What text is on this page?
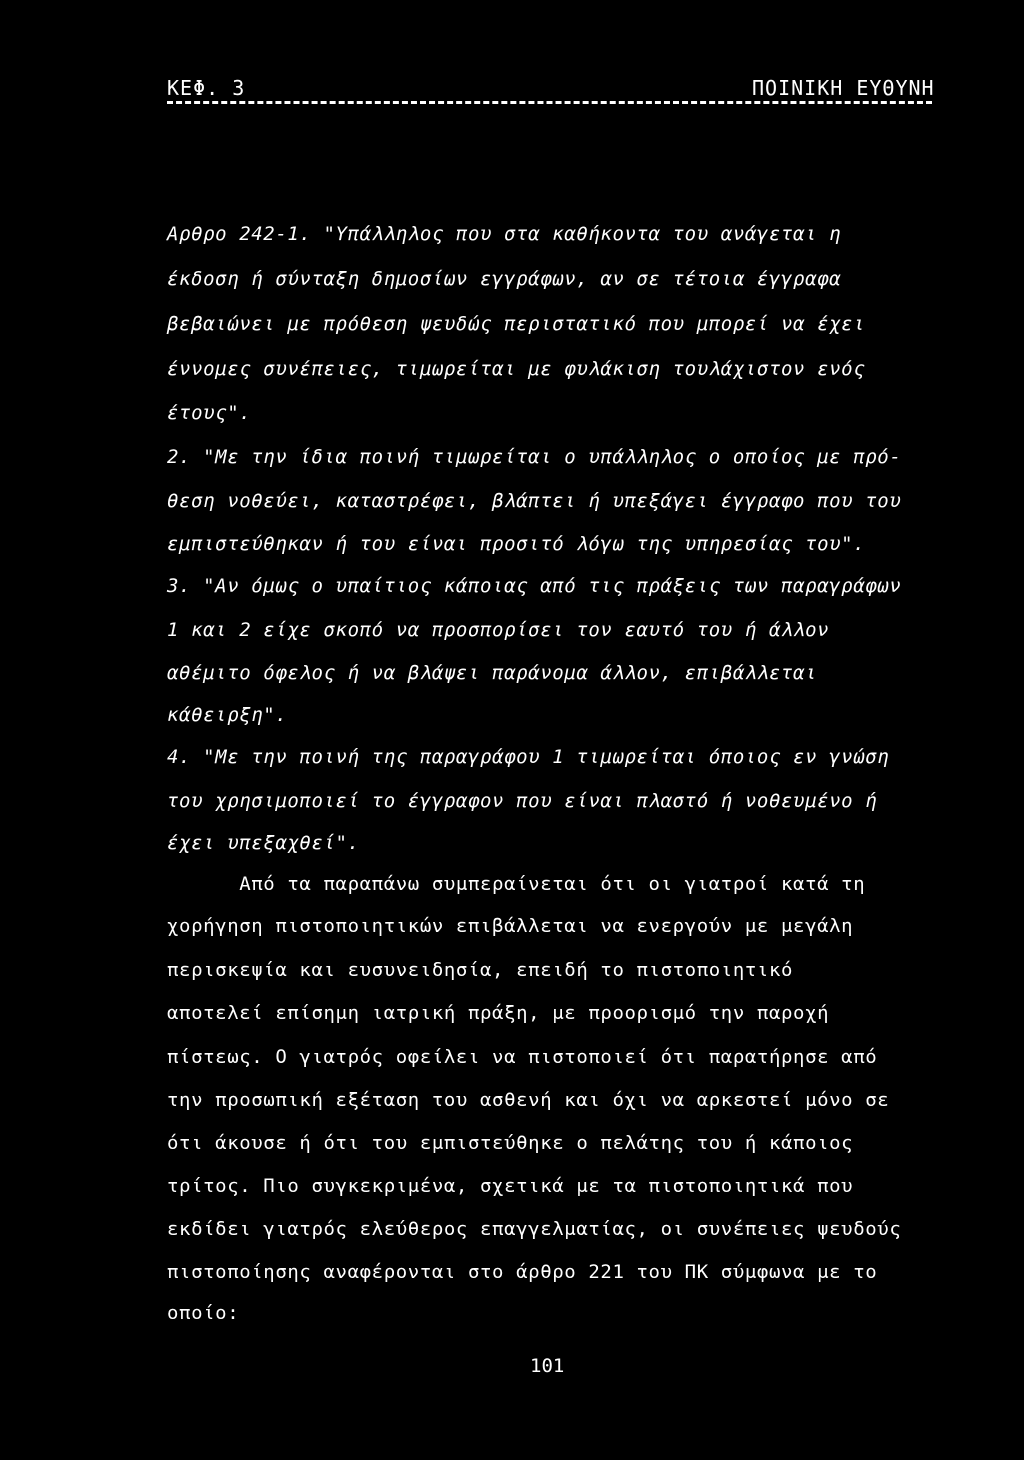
ΚΕΦ. 3	ΠΟΙΝΙΚΗ ΕΥΘΥΝΗ
Αρθρο 242-1. "Υπάλληλος που στα καθήκοντα του ανάγεται η
έκδοση ή σύνταξη δημοσίων εγγράφων, αν σε τέτοια έγγραφα
βεβαιώνει με πρόθεση ψευδώς περιστατικό που μπορεί να έχει
έννομες συνέπειες, τιμωρείται με φυλάκιση τουλάχιστον ενός
έτους".
2. "Με την ίδια ποινή τιμωρείται ο υπάλληλος ο οποίος με πρό-
θεση νοθεύει, καταστρέφει, βλάπτει ή υπεξάγει έγγραφο που του
εμπιστεύθηκαν ή του είναι προσιτό λόγω της υπηρεσίας του".
3. "Αν όμως ο υπαίτιος κάποιας από τις πράξεις των παραγράφων
1 και 2 είχε σκοπό να προσπορίσει τον εαυτό του ή άλλον
αθέμιτο όφελος ή να βλάψει παράνομα άλλον, επιβάλλεται
κάθειρξη".
4. "Με την ποινή της παραγράφου 1 τιμωρείται όποιος εν γνώση
του χρησιμοποιεί το έγγραφον που είναι πλαστό ή νοθευμένο ή
έχει υπεξαχθεί".
Από τα παραπάνω συμπεραίνεται ότι οι γιατροί κατά τη
χορήγηση πιστοποιητικών επιβάλλεται να ενεργούν με μεγάλη
περισκεψία και ευσυνειδησία, επειδή το πιστοποιητικό
αποτελεί επίσημη ιατρική πράξη, με προορισμό την παροχή
πίστεως. Ο γιατρός οφείλει να πιστοποιεί ότι παρατήρησε από
την προσωπική εξέταση του ασθενή και όχι να αρκεστεί μόνο σε
ότι άκουσε ή ότι του εμπιστεύθηκε ο πελάτης του ή κάποιος
τρίτος. Πιο συγκεκριμένα, σχετικά με τα πιστοποιητικά που
εκδίδει γιατρός ελεύθερος επαγγελματίας, οι συνέπειες ψευδούς
πιστοποίησης αναφέρονται στο άρθρο 221 του ΠΚ σύμφωνα με το
οποίο:
101
